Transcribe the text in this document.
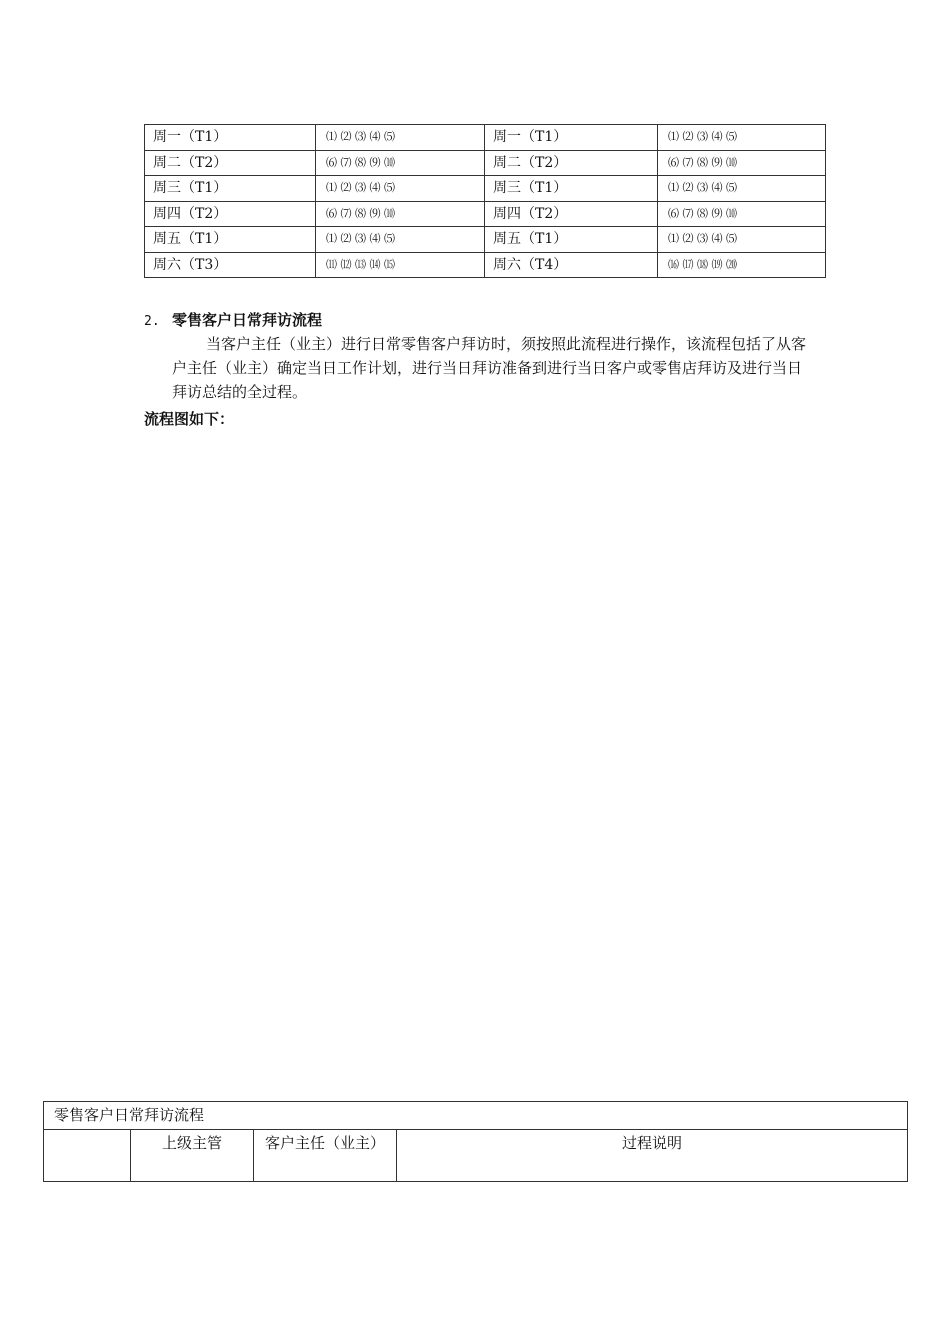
周一（T1）	⑴ ⑵ ⑶ ⑷ ⑸	周一（T1）	⑴ ⑵ ⑶ ⑷ ⑸
周二（T2）	⑹ ⑺ ⑻ ⑼ ⑽	周二（T2）	⑹ ⑺ ⑻ ⑼ ⑽
周三（T1）	⑴ ⑵ ⑶ ⑷ ⑸	周三（T1）	⑴ ⑵ ⑶ ⑷ ⑸
周四（T2）	⑹ ⑺ ⑻ ⑼ ⑽	周四（T2）	⑹ ⑺ ⑻ ⑼ ⑽
周五（T1）	⑴ ⑵ ⑶ ⑷ ⑸	周五（T1）	⑴ ⑵ ⑶ ⑷ ⑸
周六（T3）	⑾ ⑿ ⒀ ⒁ ⒂	周六（T4）	⒃ ⒄ ⒅ ⒆ ⒇
2. 零售客户日常拜访流程

当客户主任（业主）进行日常零售客户拜访时，须按照此流程进行操作，该流程包括了从客户主任（业主）确定当日工作计划，进行当日拜访准备到进行当日客户或零售店拜访及进行当日拜访总结的全过程。

流程图如下：

零售客户日常拜访流程
	上级主管	客户主任（业主）	过程说明
